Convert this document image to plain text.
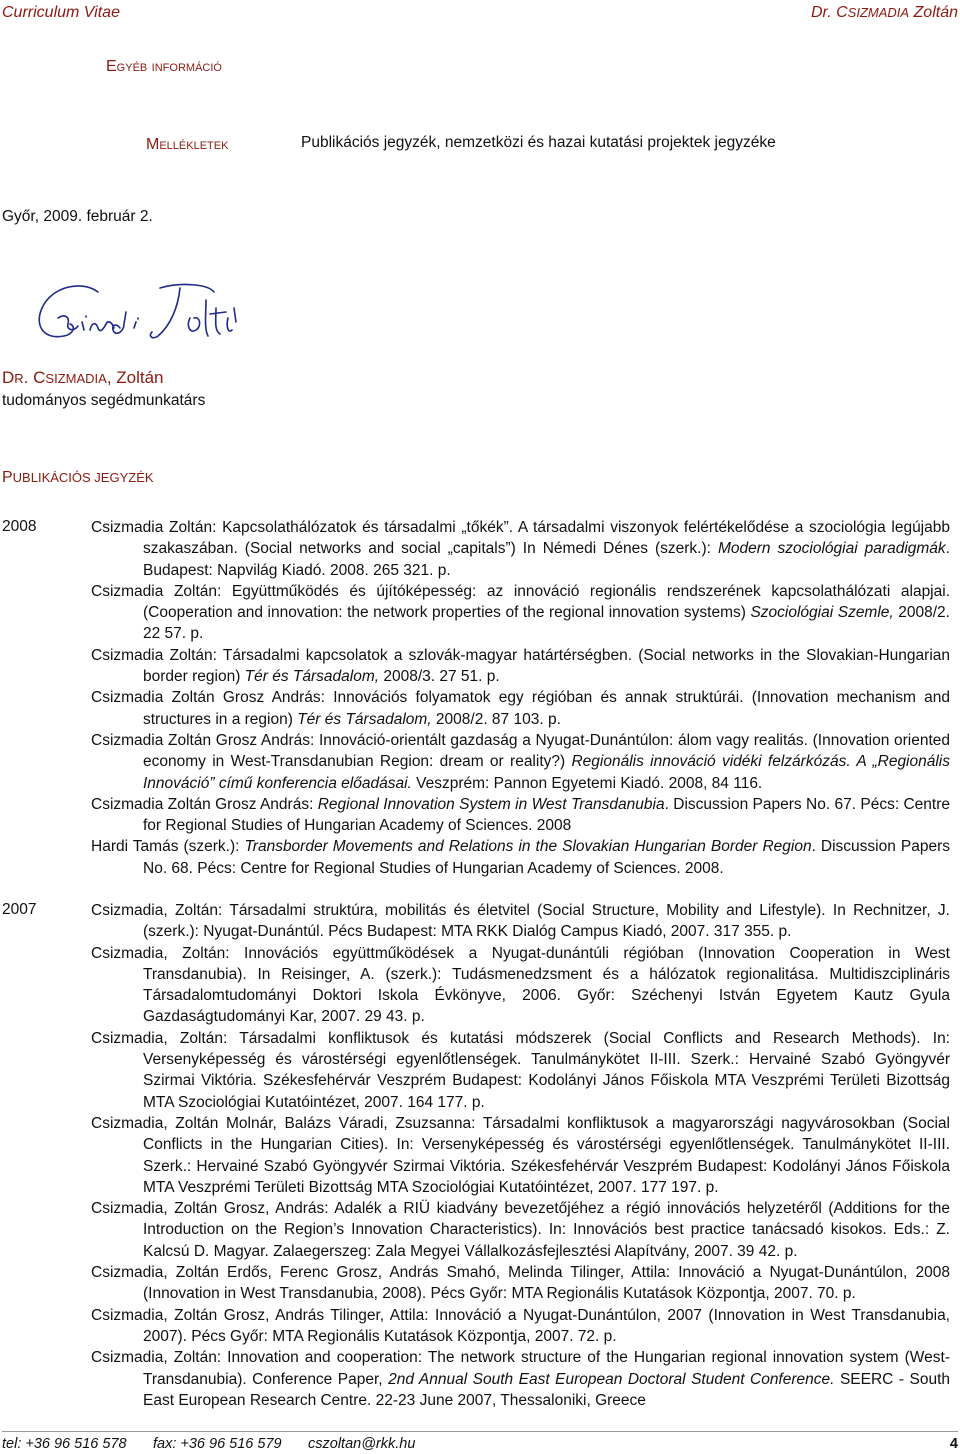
Curriculum Vitae	Dr. CSIZMADIA Zoltán
Egyéb információ
Mellékletek	Publikációs jegyzék, nemzetközi és hazai kutatási projektek jegyzéke
Győr, 2009. február 2.
DR. CSIZMADIA, Zoltán
tudományos segédmunkatárs
PUBLIKÁCIÓS JEGYZÉK
2008	Csizmadia Zoltán: Kapcsolathálózatok és társadalmi „tőkék”. A társadalmi viszonyok felértékelődése a szociológia legújabb szakaszában. (Social networks and social „capitals”) In Némedi Dénes (szerk.): Modern szociológiai paradigmák. Budapest: Napvilág Kiadó. 2008. 265 321. p.

Csizmadia Zoltán: Együttműködés és újítóképesség: az innováció regionális rendszerének kapcsolathálózati alapjai. (Cooperation and innovation: the network properties of the regional innovation systems) Szociológiai Szemle, 2008/2. 22 57. p.

Csizmadia Zoltán: Társadalmi kapcsolatok a szlovák-magyar határtérségben. (Social networks in the Slovakian-Hungarian border region) Tér és Társadalom, 2008/3. 27 51. p.

Csizmadia Zoltán Grosz András: Innovációs folyamatok egy régióban és annak struktúrái. (Innovation mechanism and structures in a region) Tér és Társadalom, 2008/2. 87 103. p.

Csizmadia Zoltán Grosz András: Innováció-orientált gazdaság a Nyugat-Dunántúlon: álom vagy realitás. (Innovation oriented economy in West-Transdanubian Region: dream or reality?) Regionális innováció vidéki felzárkózás. A „Regionális Innováció” című konferencia előadásai. Veszprém: Pannon Egyetemi Kiadó. 2008, 84 116.

Csizmadia Zoltán Grosz András: Regional Innovation System in West Transdanubia. Discussion Papers No. 67. Pécs: Centre for Regional Studies of Hungarian Academy of Sciences. 2008

Hardi Tamás (szerk.): Transborder Movements and Relations in the Slovakian Hungarian Border Region. Discussion Papers No. 68. Pécs: Centre for Regional Studies of Hungarian Academy of Sciences. 2008.

2007	Csizmadia, Zoltán: Társadalmi struktúra, mobilitás és életvitel (Social Structure, Mobility and Lifestyle). In Rechnitzer, J. (szerk.): Nyugat-Dunántúl. Pécs Budapest: MTA RKK Dialóg Campus Kiadó, 2007. 317 355. p.

Csizmadia, Zoltán: Innovációs együttműködések a Nyugat-dunántúli régióban (Innovation Cooperation in West Transdanubia). In Reisinger, A. (szerk.): Tudásmenedzsment és a hálózatok regionalitása. Multidiszciplináris Társadalomtudományi Doktori Iskola Évkönyve, 2006. Győr: Széchenyi István Egyetem Kautz Gyula Gazdaságtudományi Kar, 2007. 29 43. p.

Csizmadia, Zoltán: Társadalmi konfliktusok és kutatási módszerek (Social Conflicts and Research Methods). In: Versenyképesség és várostérségi egyenlőtlenségek. Tanulmánykötet II-III. Szerk.: Hervainé Szabó Gyöngyvér Szirmai Viktória. Székesfehérvár Veszprém Budapest: Kodolányi János Főiskola MTA Veszprémi Területi Bizottság MTA Szociológiai Kutatóintézet, 2007. 164 177. p.

Csizmadia, Zoltán Molnár, Balázs Váradi, Zsuzsanna: Társadalmi konfliktusok a magyarországi nagyvárosokban (Social Conflicts in the Hungarian Cities). In: Versenyképesség és várostérségi egyenlőtlenségek. Tanulmánykötet II-III. Szerk.: Hervainé Szabó Gyöngyvér Szirmai Viktória. Székesfehérvár Veszprém Budapest: Kodolányi János Főiskola MTA Veszprémi Területi Bizottság MTA Szociológiai Kutatóintézet, 2007. 177 197. p.

Csizmadia, Zoltán Grosz, András: Adalék a RIÜ kiadvány bevezetőjéhez a régió innovációs helyzetéről (Additions for the Introduction on the Region’s Innovation Characteristics). In: Innovációs best practice tanácsadó kisokos. Eds.: Z. Kalcsú D. Magyar. Zalaegerszeg: Zala Megyei Vállalkozásfejlesztési Alapítvány, 2007. 39 42. p.

Csizmadia, Zoltán Erdős, Ferenc Grosz, András Smahó, Melinda Tilinger, Attila: Innováció a Nyugat-Dunántúlon, 2008 (Innovation in West Transdanubia, 2008). Pécs Győr: MTA Regionális Kutatások Központja, 2007. 70. p.

Csizmadia, Zoltán Grosz, András Tilinger, Attila: Innováció a Nyugat-Dunántúlon, 2007 (Innovation in West Transdanubia, 2007). Pécs Győr: MTA Regionális Kutatások Központja, 2007. 72. p.

Csizmadia, Zoltán: Innovation and cooperation: The network structure of the Hungarian regional innovation system (West-Transdanubia). Conference Paper, 2nd Annual South East European Doctoral Student Conference. SEERC - South East European Research Centre. 22-23 June 2007, Thessaloniki, Greece

tel: +36 96 516 578 fax: +36 96 516 579 cszoltan@rkk.hu	4
